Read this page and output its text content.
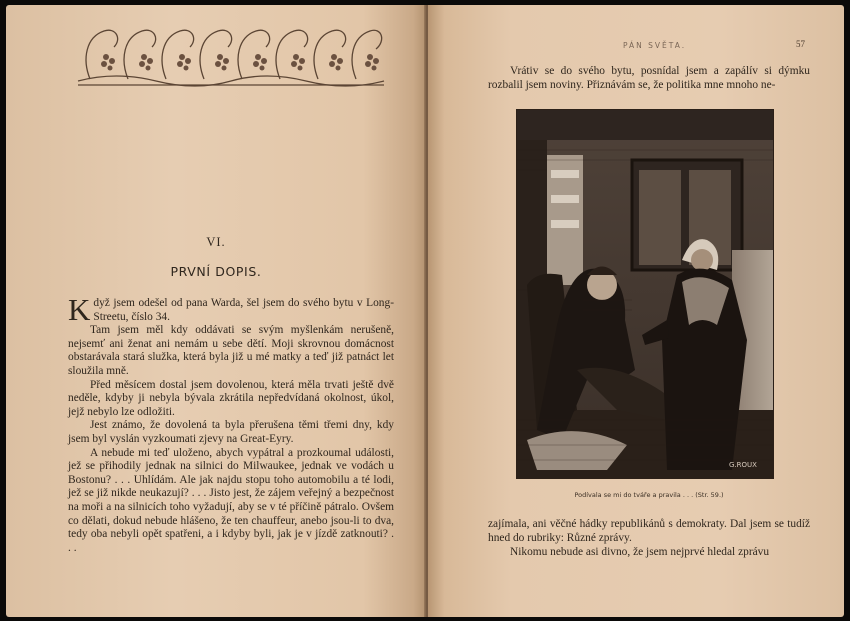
VI.
PRVNÍ DOPIS.

Když jsem odešel od pana Warda, šel jsem do svého bytu v Long-Streetu, číslo 34.

Tam jsem měl kdy oddávati se svým myšlenkám nerušeně, nejsemť ani ženat ani nemám u sebe dětí. Moji skrovnou domácnost obstarávala stará služka, která byla již u mé matky a teď již patnáct let sloužila mně.

Před měsícem dostal jsem dovolenou, která měla trvati ještě dvě neděle, kdyby ji nebyla bývala zkrátila nepředvídaná okolnost, úkol, jejž nebylo lze odložiti.

Jest známo, že dovolená ta byla přerušena těmi třemi dny, kdy jsem byl vyslán vyzkoumati zjevy na Great-Eyry.

A nebude mi teď uloženo, abych vypátral a prozkoumal události, jež se přihodily jednak na silnici do Milwaukee, jednak ve vodách u Bostonu? . . . Uhlídám. Ale jak najdu stopu toho automobilu a té lodi, jež se již nikde neukazují? . . . Jisto jest, že zájem veřejný a bezpečnost na moři a na silnicích toho vyžadují, aby se v té příčině pátralo. Ovšem co dělati, dokud nebude hlášeno, že ten chauffeur, anebo jsou-li to dva, tedy oba nebyli opět spatřeni, a i kdyby byli, jak je v jízdě zatknouti? . . .

PÁN SVĚTA.	57

Vrátiv se do svého bytu, posnídal jsem a zapálív si dýmku rozbalil jsem noviny. Přiznávám se, že politika mne mnoho ne-

G.ROUX
Podívala se mi do tváře a pravila . . . (Str. 59.)

zajímala, ani věčné hádky republikánů s demokraty. Dal jsem se tudíž hned do rubriky: Různé zprávy.

Nikomu nebude asi divno, že jsem nejprvé hledal zprávu
